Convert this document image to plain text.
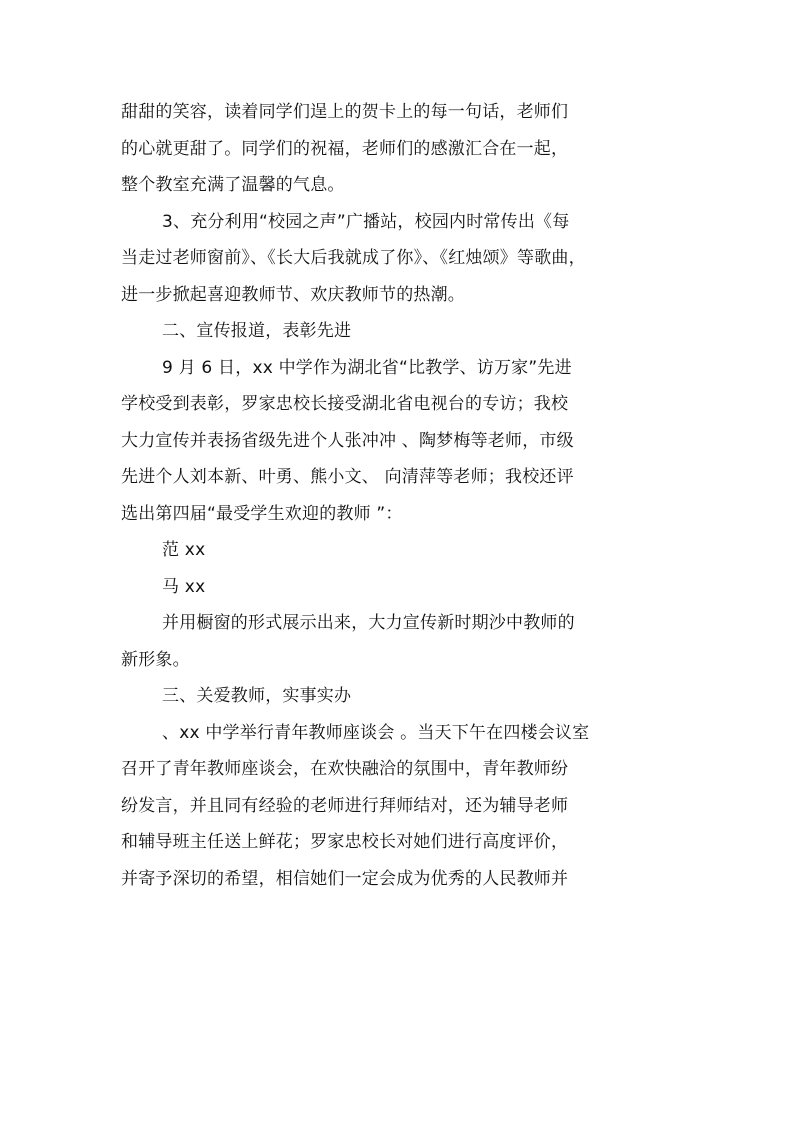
甜甜的笑容，读着同学们逞上的贺卡上的每一句话，老师们
的心就更甜了。同学们的祝福，老师们的感激汇合在一起，
整个教室充满了温馨的气息。
3、充分利用“校园之声”广播站，校园内时常传出《每
当走过老师窗前》、《长大后我就成了你》、《红烛颂》等歌曲，
进一步掀起喜迎教师节、欢庆教师节的热潮。
二、宣传报道，表彰先进
9 月 6 日，xx 中学作为湖北省“比教学、访万家”先进
学校受到表彰，罗家忠校长接受湖北省电视台的专访；我校
大力宣传并表扬省级先进个人张冲冲 、陶梦梅等老师，市级
先进个人刘本新、叶勇、熊小文、 向清萍等老师；我校还评
选出第四届“最受学生欢迎的教师 ”：
范 xx
马 xx
并用橱窗的形式展示出来，大力宣传新时期沙中教师的
新形象。
三、关爱教师，实事实办
、xx 中学举行青年教师座谈会 。当天下午在四楼会议室
召开了青年教师座谈会，在欢快融洽的氛围中，青年教师纷
纷发言，并且同有经验的老师进行拜师结对，还为辅导老师
和辅导班主任送上鲜花；罗家忠校长对她们进行高度评价，
并寄予深切的希望，相信她们一定会成为优秀的人民教师并
